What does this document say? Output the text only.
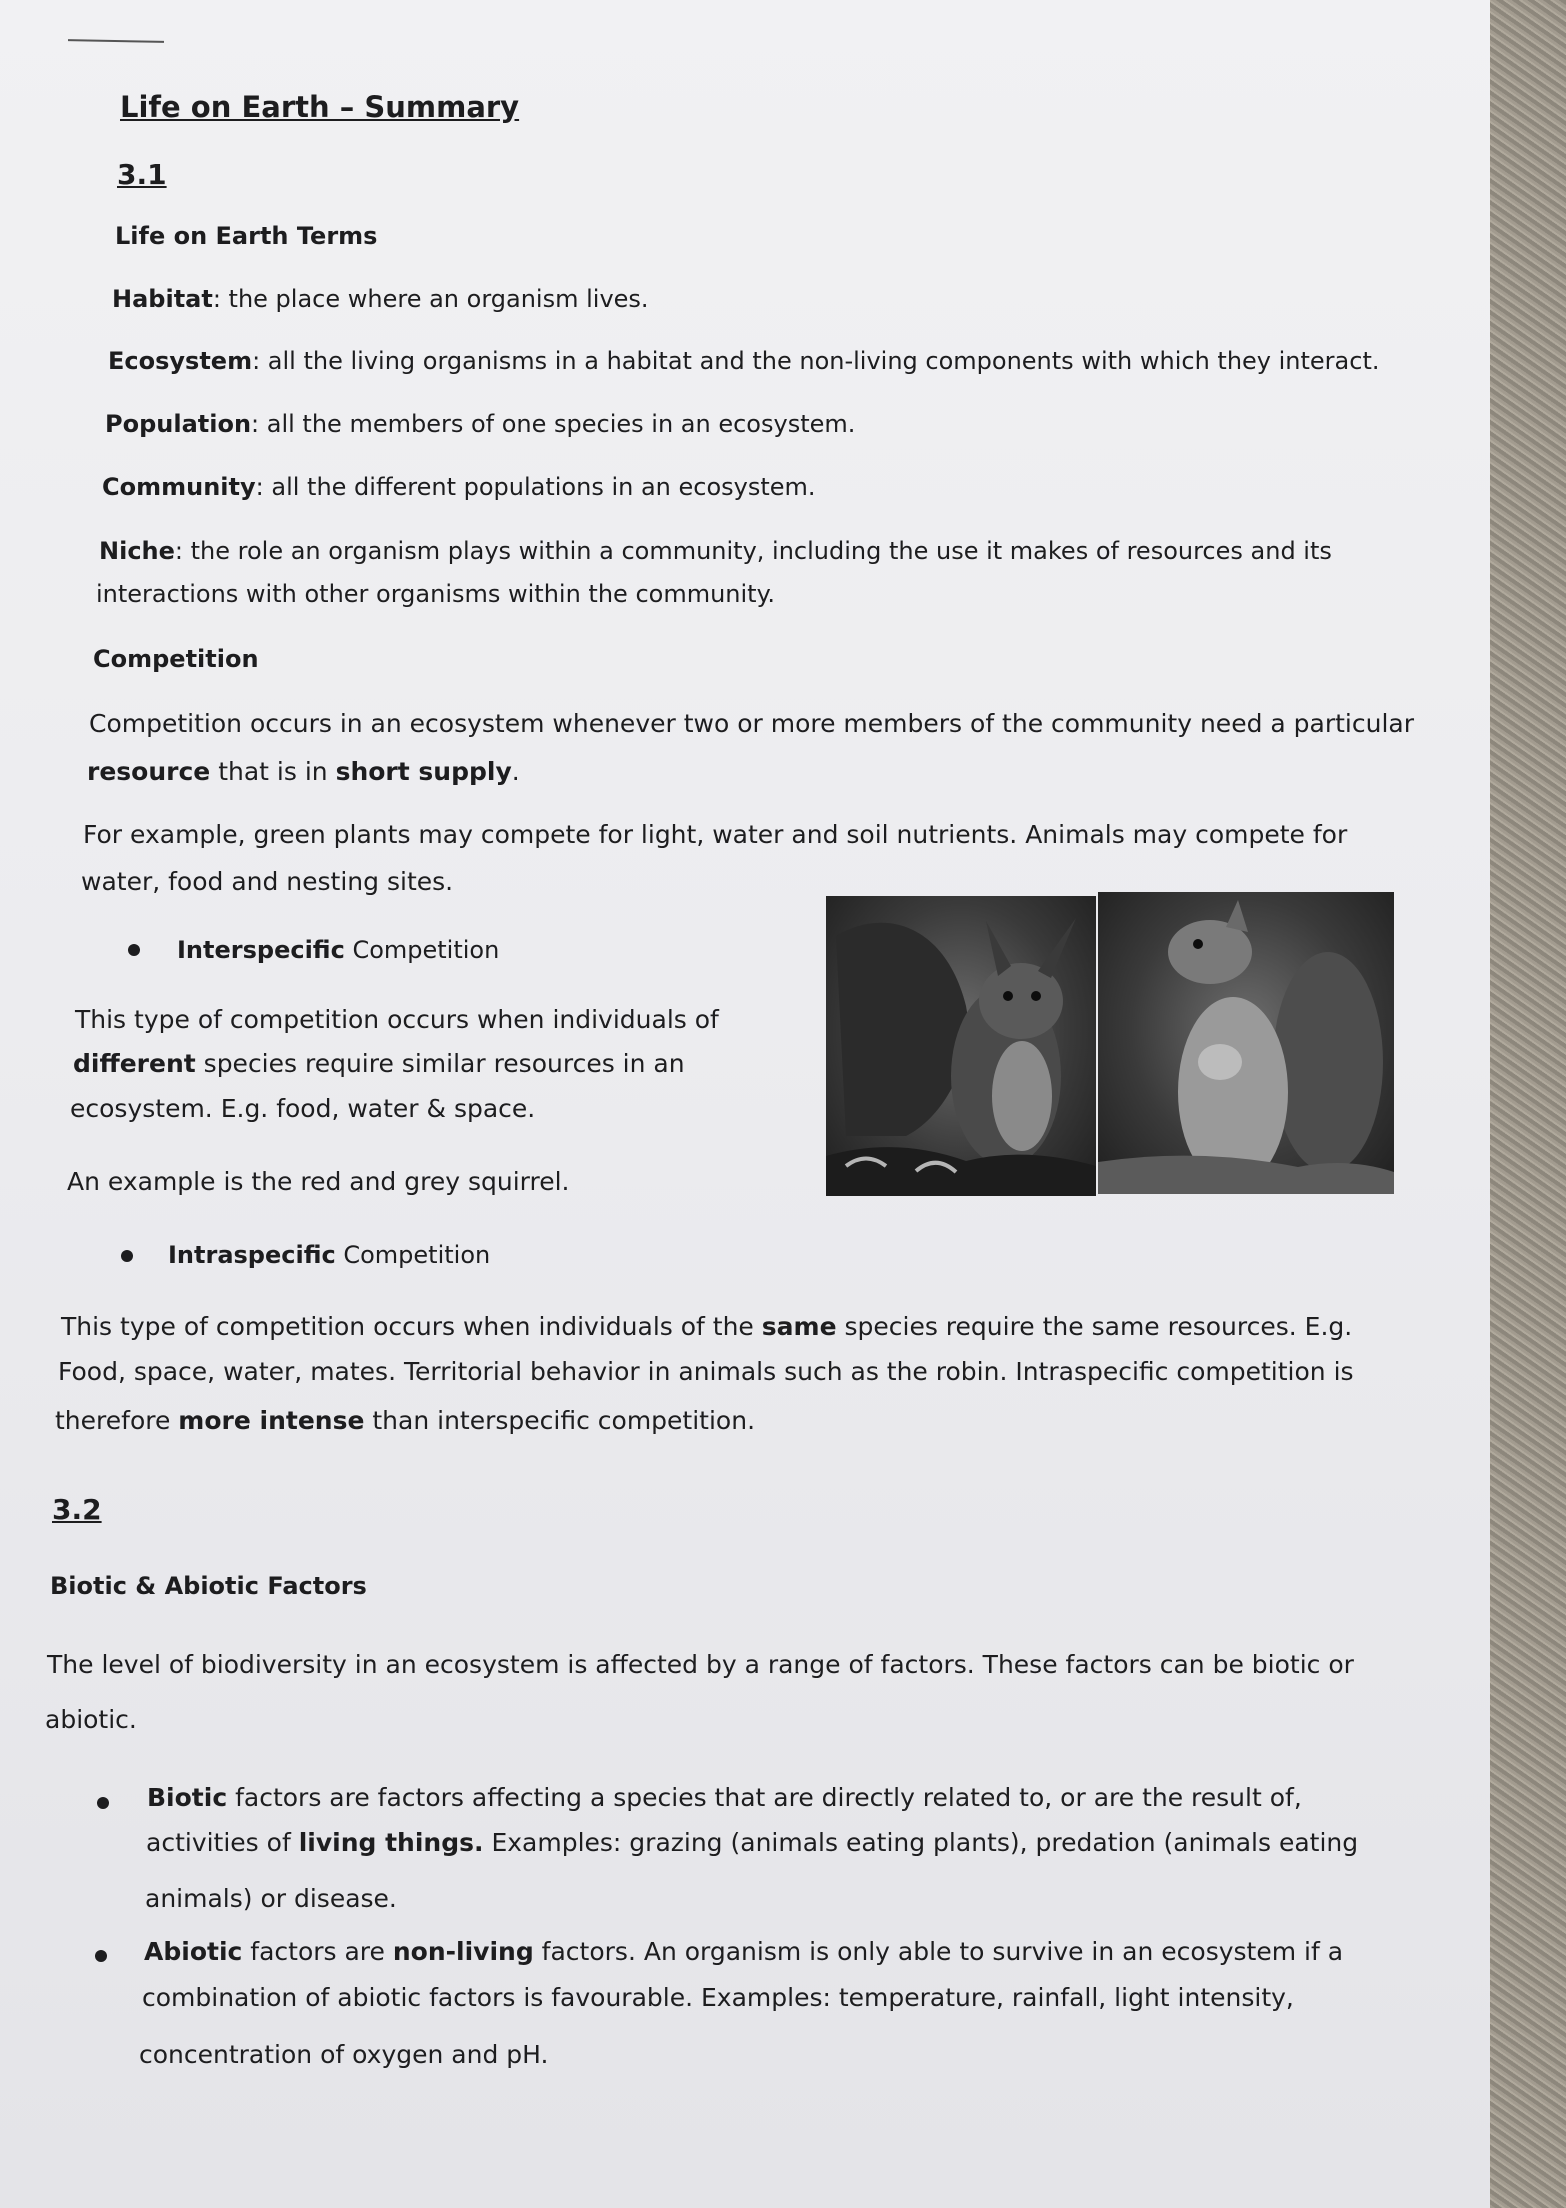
Life on Earth – Summary
3.1
Life on Earth Terms
Habitat: the place where an organism lives.
Ecosystem: all the living organisms in a habitat and the non-living components with which they interact.
Population: all the members of one species in an ecosystem.
Community: all the different populations in an ecosystem.
Niche: the role an organism plays within a community, including the use it makes of resources and its
interactions with other organisms within the community.
Competition
Competition occurs in an ecosystem whenever two or more members of the community need a particular
resource that is in short supply.
For example, green plants may compete for light, water and soil nutrients. Animals may compete for
water, food and nesting sites.
Interspecific Competition
This type of competition occurs when individuals of
different species require similar resources in an
ecosystem. E.g. food, water & space.
An example is the red and grey squirrel.
Intraspecific Competition
This type of competition occurs when individuals of the same species require the same resources. E.g.
Food, space, water, mates. Territorial behavior in animals such as the robin. Intraspecific competition is
therefore more intense than interspecific competition.
3.2
Biotic & Abiotic Factors
The level of biodiversity in an ecosystem is affected by a range of factors. These factors can be biotic or
abiotic.
Biotic factors are factors affecting a species that are directly related to, or are the result of,
activities of living things. Examples: grazing (animals eating plants), predation (animals eating
animals) or disease.
Abiotic factors are non-living factors. An organism is only able to survive in an ecosystem if a
combination of abiotic factors is favourable. Examples: temperature, rainfall, light intensity,
concentration of oxygen and pH.
